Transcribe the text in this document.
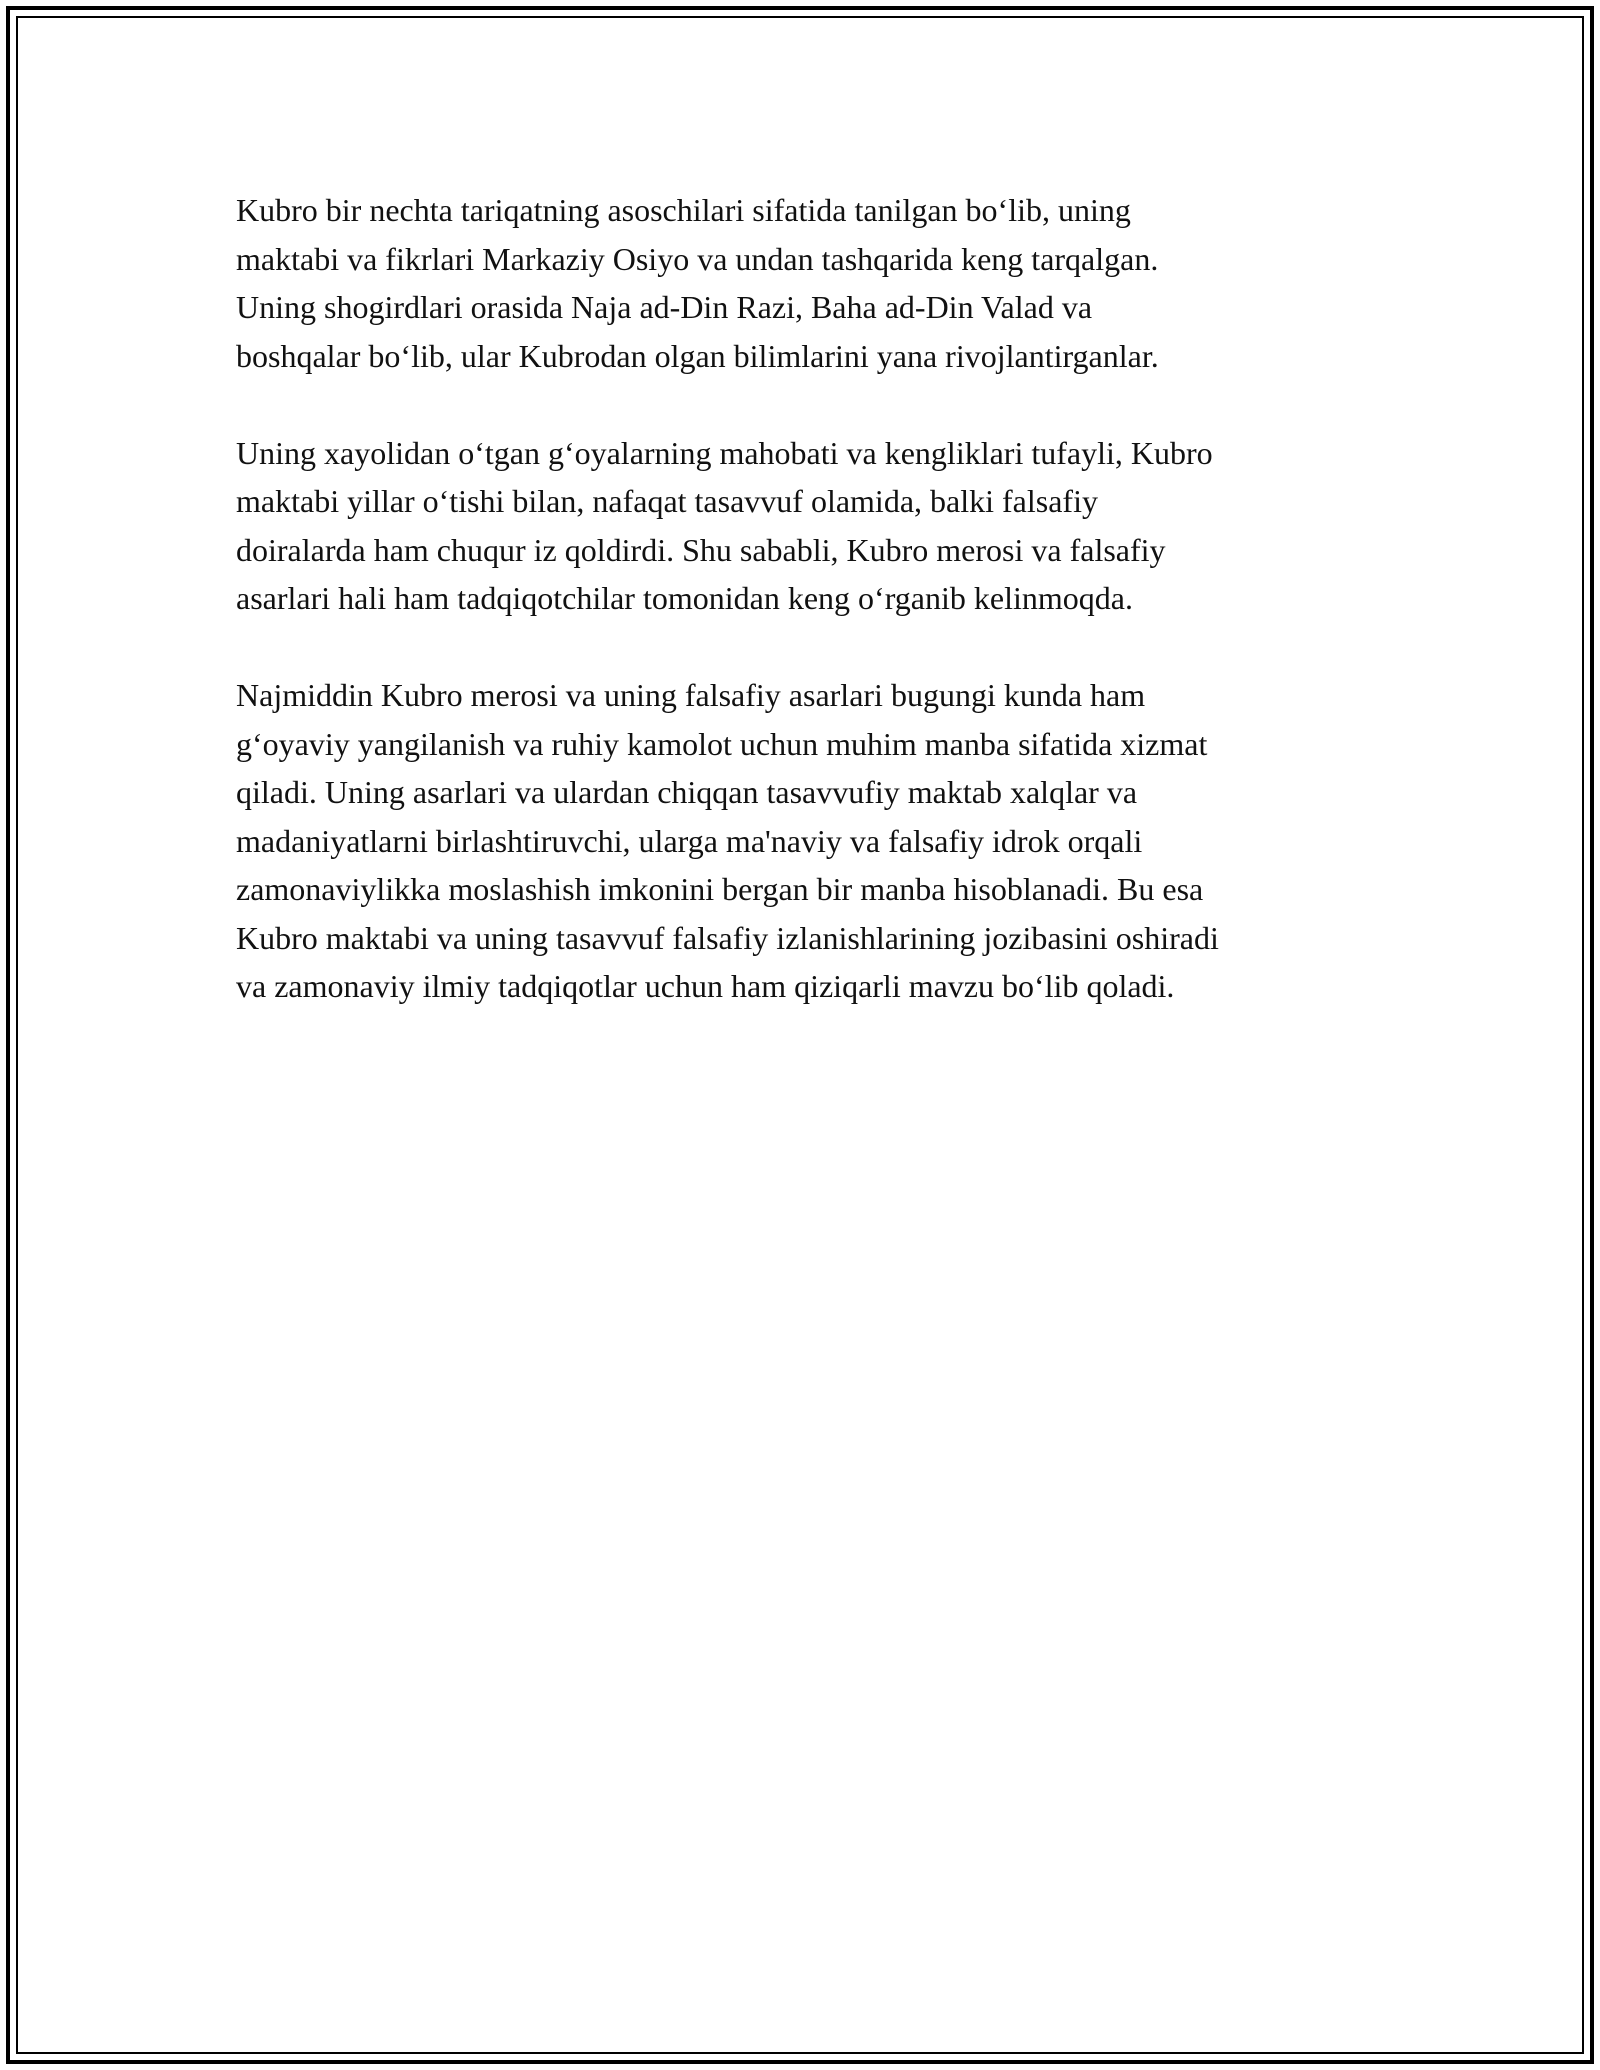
Kubro bir nechta tariqatning asoschilari sifatida tanilgan bo‘lib, uning
maktabi va fikrlari Markaziy Osiyo va undan tashqarida keng tarqalgan.
Uning shogirdlari orasida Naja ad-Din Razi, Baha ad-Din Valad va
boshqalar bo‘lib, ular Kubrodan olgan bilimlarini yana rivojlantirganlar.

Uning xayolidan o‘tgan g‘oyalarning mahobati va kengliklari tufayli, Kubro
maktabi yillar o‘tishi bilan, nafaqat tasavvuf olamida, balki falsafiy
doiralarda ham chuqur iz qoldirdi. Shu sababli, Kubro merosi va falsafiy
asarlari hali ham tadqiqotchilar tomonidan keng o‘rganib kelinmoqda.

Najmiddin Kubro merosi va uning falsafiy asarlari bugungi kunda ham
g‘oyaviy yangilanish va ruhiy kamolot uchun muhim manba sifatida xizmat
qiladi. Uning asarlari va ulardan chiqqan tasavvufiy maktab xalqlar va
madaniyatlarni birlashtiruvchi, ularga ma'naviy va falsafiy idrok orqali
zamonaviylikka moslashish imkonini bergan bir manba hisoblanadi. Bu esa
Kubro maktabi va uning tasavvuf falsafiy izlanishlarining jozibasini oshiradi
va zamonaviy ilmiy tadqiqotlar uchun ham qiziqarli mavzu bo‘lib qoladi.
